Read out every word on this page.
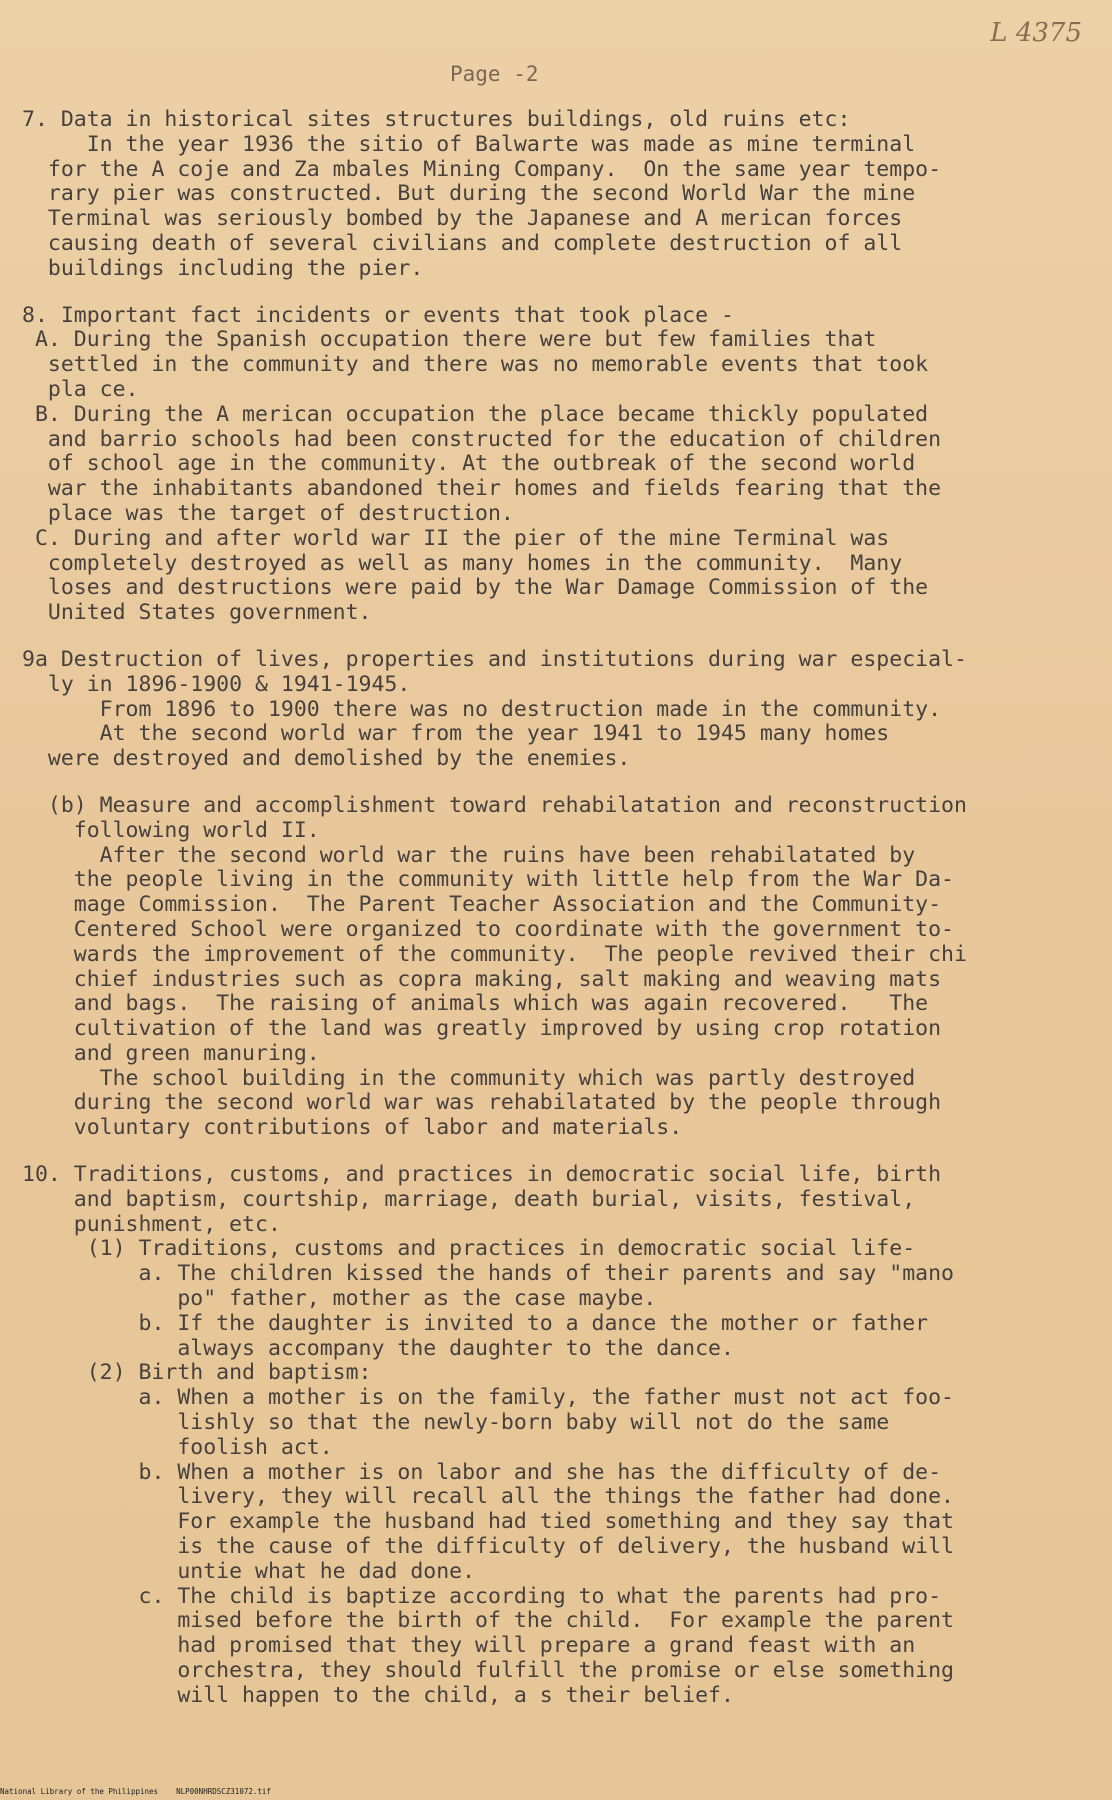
L 4375
Page -2
7. Data in historical sites structures buildings, old ruins etc:
In the year 1936 the sitio of Balwarte was made as mine terminal
for the A coje and Za mbales Mining Company.  On the same year tempo-
rary pier was constructed. But during the second World War the mine
Terminal was seriously bombed by the Japanese and A merican forces
causing death of several civilians and complete destruction of all
buildings including the pier.
8. Important fact incidents or events that took place -
A. During the Spanish occupation there were but few families that
settled in the community and there was no memorable events that took
pla ce.
B. During the A merican occupation the place became thickly populated
and barrio schools had been constructed for the education of children
of school age in the community. At the outbreak of the second world
war the inhabitants abandoned their homes and fields fearing that the
place was the target of destruction.
C. During and after world war II the pier of the mine Terminal was
completely destroyed as well as many homes in the community.  Many
loses and destructions were paid by the War Damage Commission of the
United States government.
9a Destruction of lives, properties and institutions during war especial-
ly in 1896-1900 & 1941-1945.
From 1896 to 1900 there was no destruction made in the community.
At the second world war from the year 1941 to 1945 many homes
were destroyed and demolished by the enemies.
(b) Measure and accomplishment toward rehabilatation and reconstruction
following world II.
After the second world war the ruins have been rehabilatated by
the people living in the community with little help from the War Da-
mage Commission.  The Parent Teacher Association and the Community-
Centered School were organized to coordinate with the government to-
wards the improvement of the community.  The people revived their chi
chief industries such as copra making, salt making and weaving mats
and bags.  The raising of animals which was again recovered.   The
cultivation of the land was greatly improved by using crop rotation
and green manuring.
The school building in the community which was partly destroyed
during the second world war was rehabilatated by the people through
voluntary contributions of labor and materials.
10. Traditions, customs, and practices in democratic social life, birth
and baptism, courtship, marriage, death burial, visits, festival,
punishment, etc.
(1) Traditions, customs and practices in democratic social life-
a. The children kissed the hands of their parents and say "mano
po" father, mother as the case maybe.
b. If the daughter is invited to a dance the mother or father
always accompany the daughter to the dance.
(2) Birth and baptism:
a. When a mother is on the family, the father must not act foo-
lishly so that the newly-born baby will not do the same
foolish act.
b. When a mother is on labor and she has the difficulty of de-
livery, they will recall all the things the father had done.
For example the husband had tied something and they say that
is the cause of the difficulty of delivery, the husband will
untie what he dad done.
c. The child is baptize according to what the parents had pro-
mised before the birth of the child.  For example the parent
had promised that they will prepare a grand feast with an
orchestra, they should fulfill the promise or else something
will happen to the child, a s their belief.
National Library of the Philippines    NLP00NHRDSCZ31072.tif
